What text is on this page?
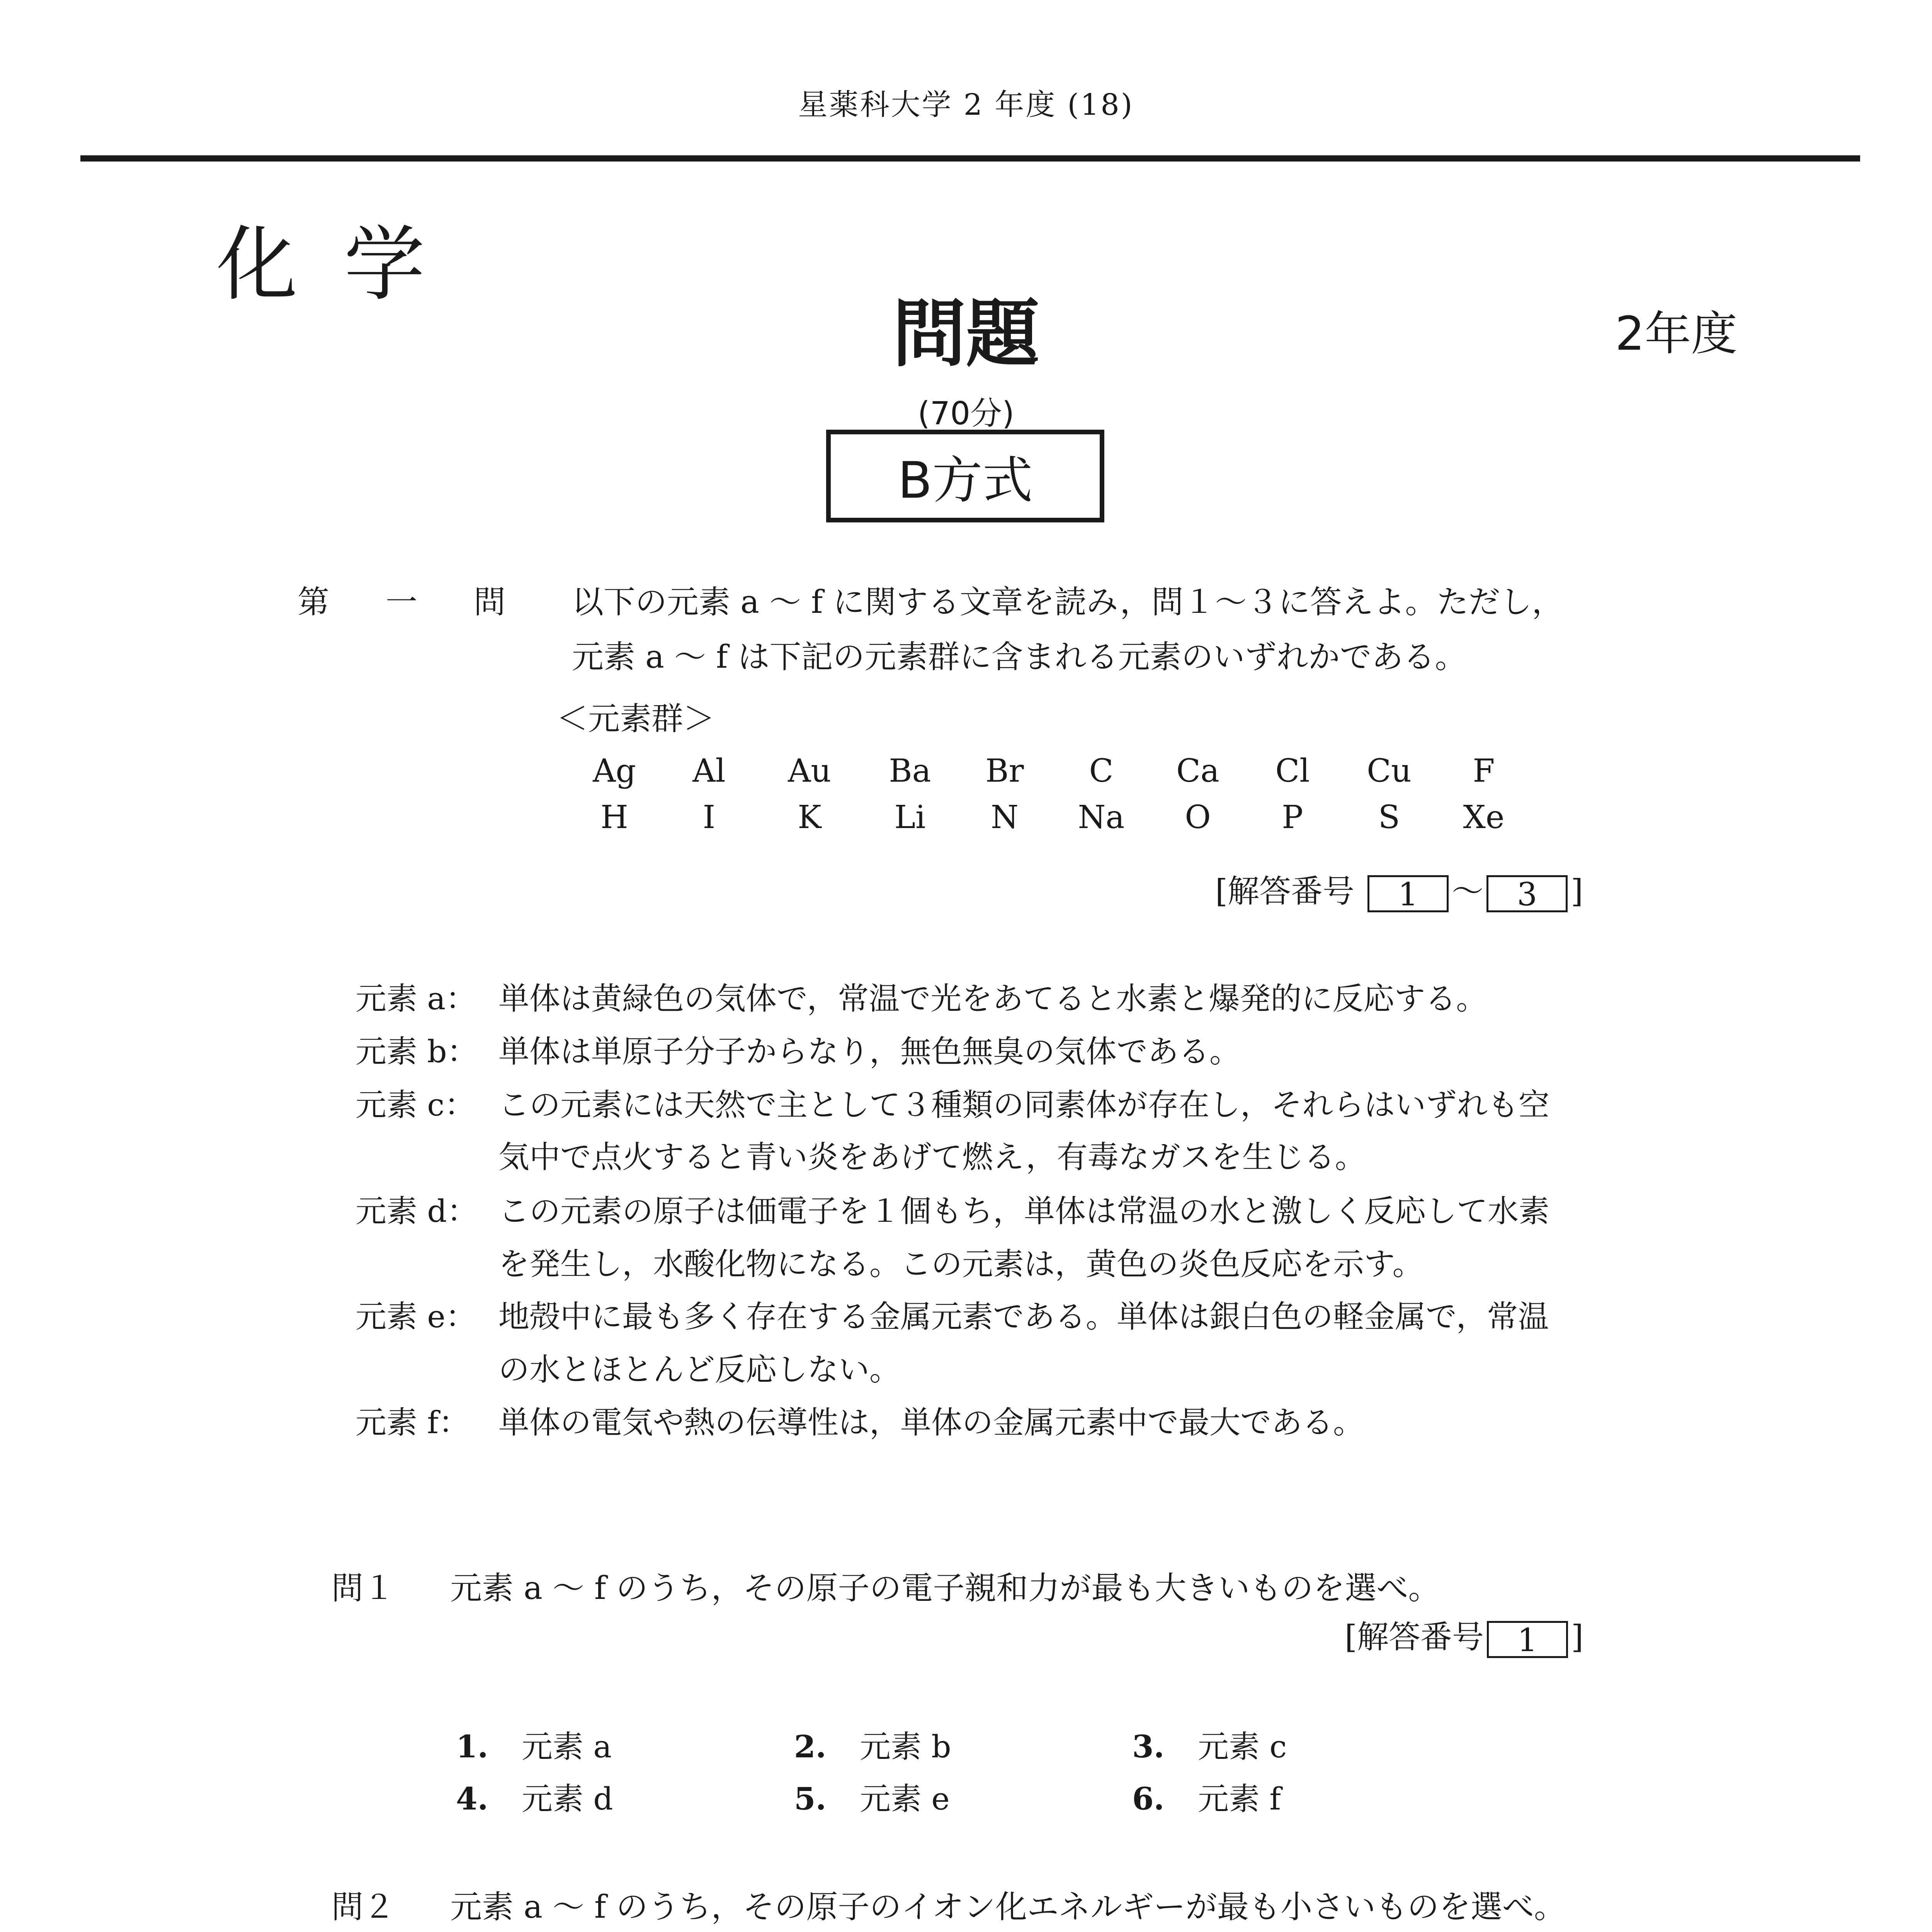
星薬科大学 2 年度 (18)
化学
問題	2年度
(70分)
B方式
第 一 問 以下の元素 a 〜 f に関する文章を読み，問１〜３に答えよ。ただし，
元素 a 〜 f は下記の元素群に含まれる元素のいずれかである。
＜元素群＞
Ag	Al	Au	Ba	Br	C	Ca	Cl	Cu	F
H	I	K	Li	N	Na	O	P	S	Xe
[解答番号 1 〜 3 ]
元素 a： 単体は黄緑色の気体で，常温で光をあてると水素と爆発的に反応する。
元素 b： 単体は単原子分子からなり，無色無臭の気体である。
元素 c： この元素には天然で主として３種類の同素体が存在し，それらはいずれも空
気中で点火すると青い炎をあげて燃え，有毒なガスを生じる。
元素 d： この元素の原子は価電子を１個もち，単体は常温の水と激しく反応して水素
を発生し，水酸化物になる。この元素は，黄色の炎色反応を示す。
元素 e： 地殻中に最も多く存在する金属元素である。単体は銀白色の軽金属で，常温
の水とほとんど反応しない。
元素 f： 単体の電気や熱の伝導性は，単体の金属元素中で最大である。
問１ 元素 a 〜 f のうち，その原子の電子親和力が最も大きいものを選べ。
[解答番号 1 ]
1. 元素 a	2. 元素 b	3. 元素 c
4. 元素 d	5. 元素 e	6. 元素 f
問２ 元素 a 〜 f のうち，その原子のイオン化エネルギーが最も小さいものを選べ。
